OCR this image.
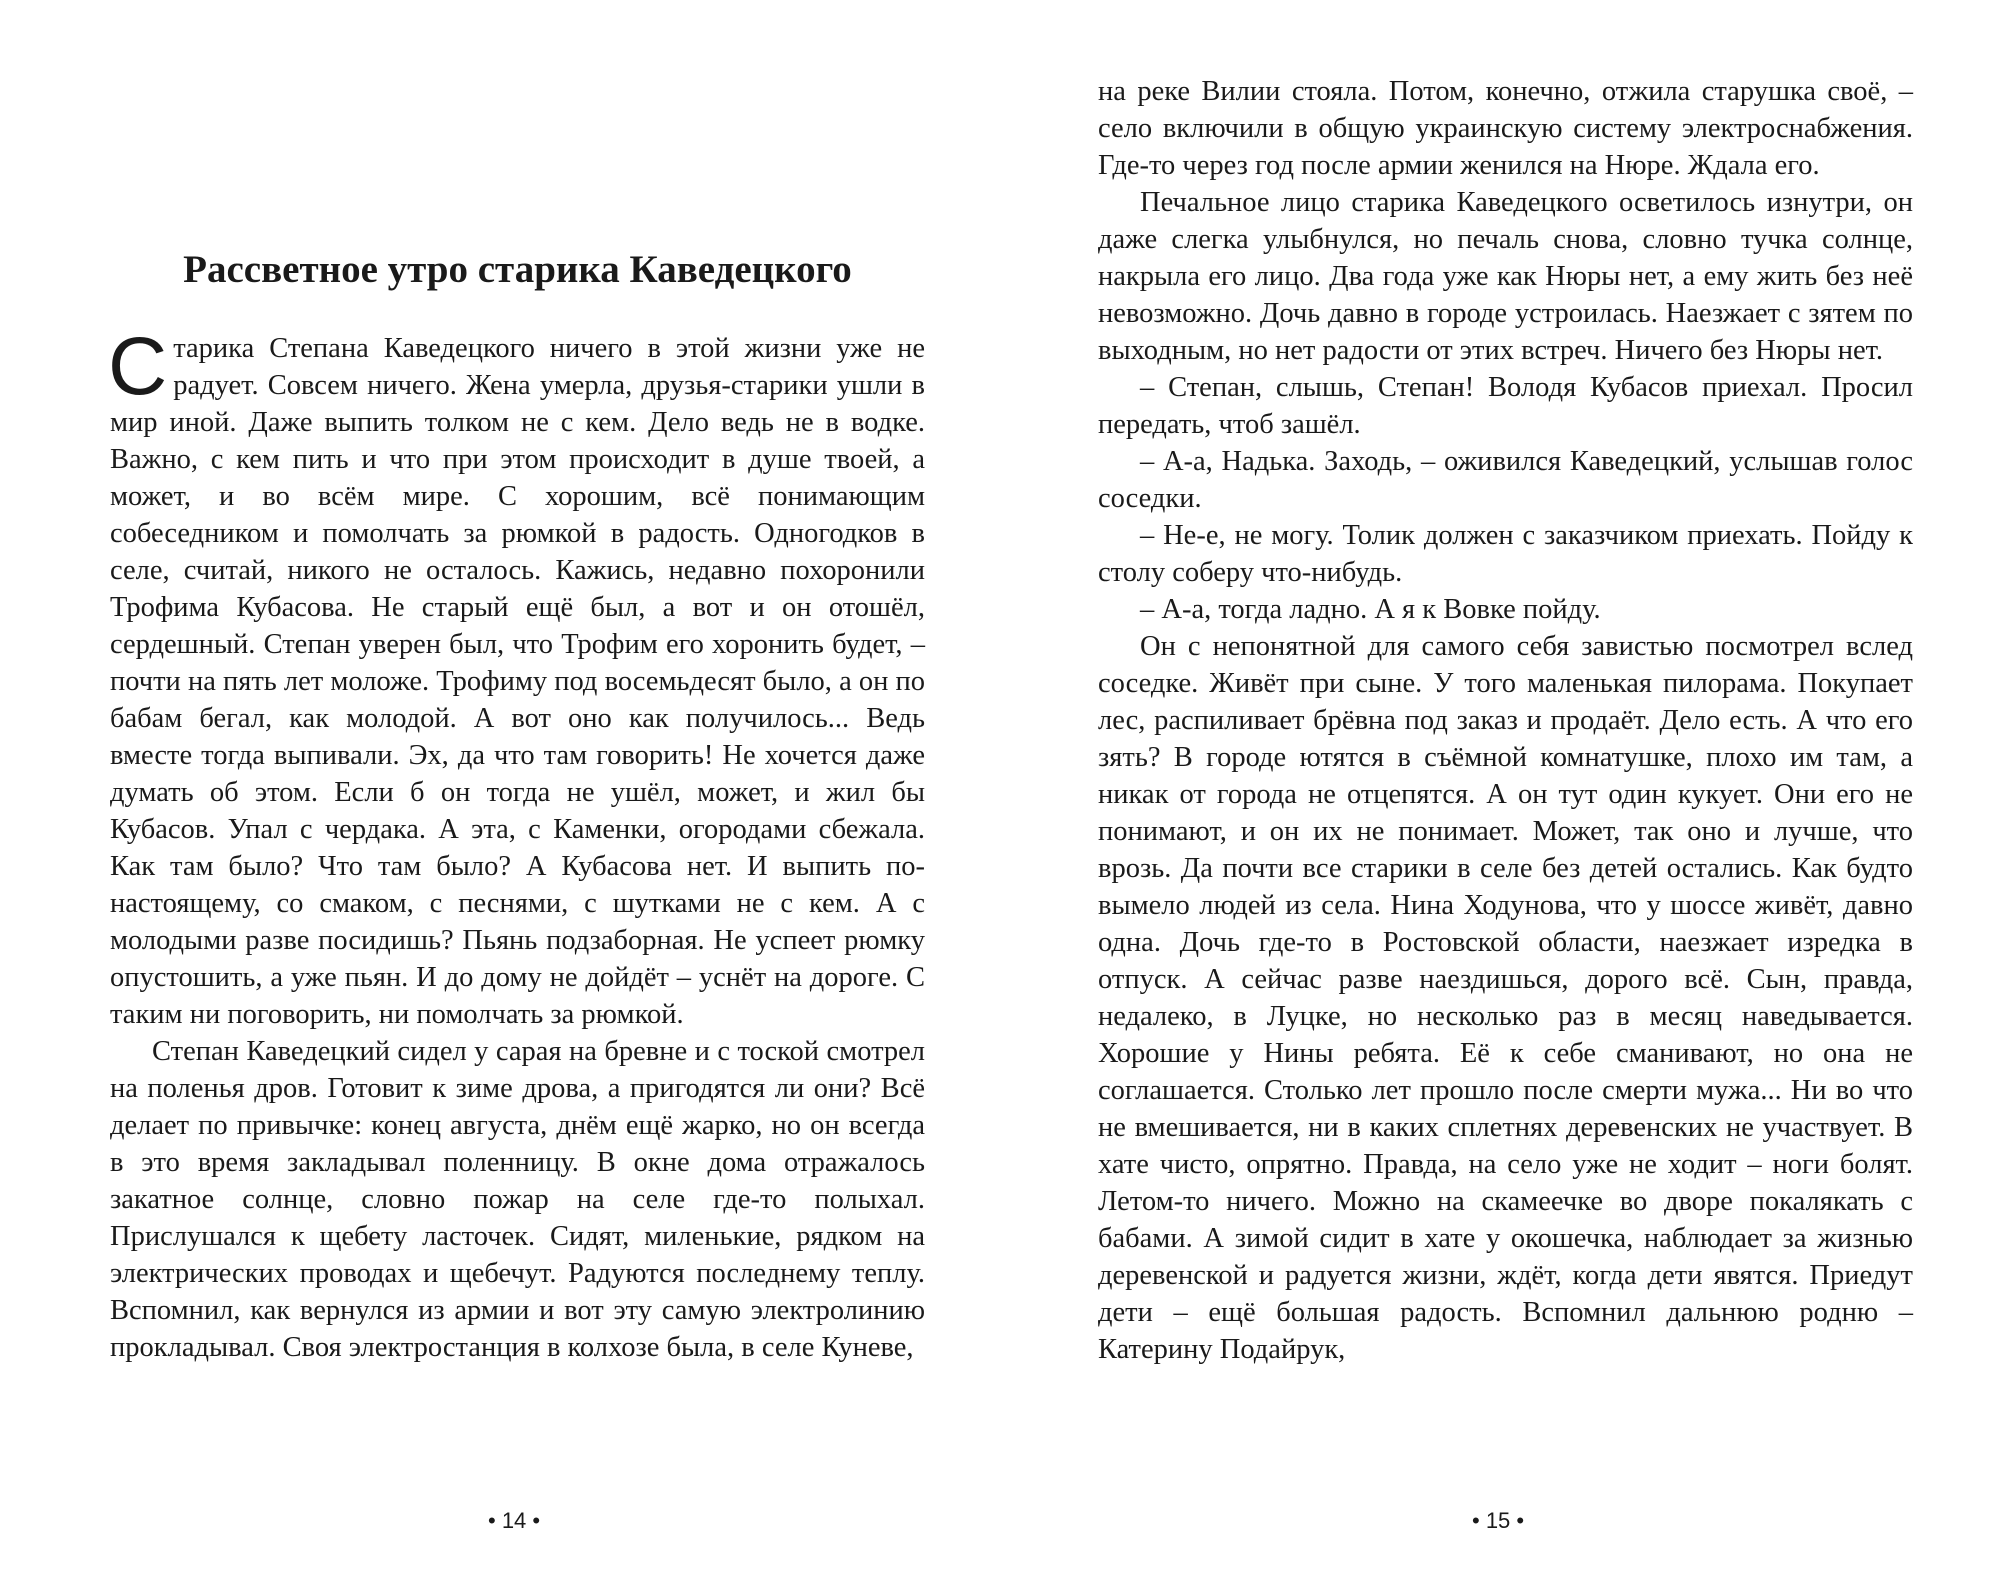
Рассветное утро старика Каведецкого

Старика Степана Каведецкого ничего в этой жизни уже не радует. Совсем ничего. Жена умерла, друзья-старики ушли в мир иной. Даже выпить толком не с кем. Дело ведь не в водке. Важно, с кем пить и что при этом происходит в душе твоей, а может, и во всём мире. С хорошим, всё понимающим собеседником и помолчать за рюмкой в радость. Одногодков в селе, считай, никого не осталось. Кажись, недавно похоронили Трофима Кубасова. Не старый ещё был, а вот и он отошёл, сердешный. Степан уверен был, что Трофим его хоронить будет, – почти на пять лет моложе. Трофиму под восемьдесят было, а он по бабам бегал, как молодой. А вот оно как получилось... Ведь вместе тогда выпивали. Эх, да что там говорить! Не хочется даже думать об этом. Если б он тогда не ушёл, может, и жил бы Кубасов. Упал с чердака. А эта, с Каменки, огородами сбежала. Как там было? Что там было? А Кубасова нет. И выпить по-настоящему, со смаком, с песнями, с шутками не с кем. А с молодыми разве посидишь? Пьянь подзаборная. Не успеет рюмку опустошить, а уже пьян. И до дому не дойдёт – уснёт на дороге. С таким ни поговорить, ни помолчать за рюмкой.

Степан Каведецкий сидел у сарая на бревне и с тоской смотрел на поленья дров. Готовит к зиме дрова, а пригодятся ли они? Всё делает по привычке: конец августа, днём ещё жарко, но он всегда в это время закладывал поленницу. В окне дома отражалось закатное солнце, словно пожар на селе где-то полыхал. Прислушался к щебету ласточек. Сидят, миленькие, рядком на электрических проводах и щебечут. Радуются последнему теплу. Вспомнил, как вернулся из армии и вот эту самую электролинию прокладывал. Своя электростанция в колхозе была, в селе Куневе,

• 14 •

на реке Вилии стояла. Потом, конечно, отжила старушка своё, – село включили в общую украинскую систему электроснабжения. Где-то через год после армии женился на Нюре. Ждала его.

Печальное лицо старика Каведецкого осветилось изнутри, он даже слегка улыбнулся, но печаль снова, словно тучка солнце, накрыла его лицо. Два года уже как Нюры нет, а ему жить без неё невозможно. Дочь давно в городе устроилась. Наезжает с зятем по выходным, но нет радости от этих встреч. Ничего без Нюры нет.

– Степан, слышь, Степан! Володя Кубасов приехал. Просил передать, чтоб зашёл.

– А-а, Надька. Заходь, – оживился Каведецкий, услышав голос соседки.

– Не-е, не могу. Толик должен с заказчиком приехать. Пойду к столу соберу что-нибудь.

– А-а, тогда ладно. А я к Вовке пойду.

Он с непонятной для самого себя завистью посмотрел вслед соседке. Живёт при сыне. У того маленькая пилорама. Покупает лес, распиливает брёвна под заказ и продаёт. Дело есть. А что его зять? В городе ютятся в съёмной комнатушке, плохо им там, а никак от города не отцепятся. А он тут один кукует. Они его не понимают, и он их не понимает. Может, так оно и лучше, что врозь. Да почти все старики в селе без детей остались. Как будто вымело людей из села. Нина Ходунова, что у шоссе живёт, давно одна. Дочь где-то в Ростовской области, наезжает изредка в отпуск. А сейчас разве наездишься, дорого всё. Сын, правда, недалеко, в Луцке, но несколько раз в месяц наведывается. Хорошие у Нины ребята. Её к себе сманивают, но она не соглашается. Столько лет прошло после смерти мужа... Ни во что не вмешивается, ни в каких сплетнях деревенских не участвует. В хате чисто, опрятно. Правда, на село уже не ходит – ноги болят. Летом-то ничего. Можно на скамеечке во дворе покалякать с бабами. А зимой сидит в хате у окошечка, наблюдает за жизнью деревенской и радуется жизни, ждёт, когда дети явятся. Приедут дети – ещё большая радость. Вспомнил дальнюю родню – Катерину Подайрук,

• 15 •
